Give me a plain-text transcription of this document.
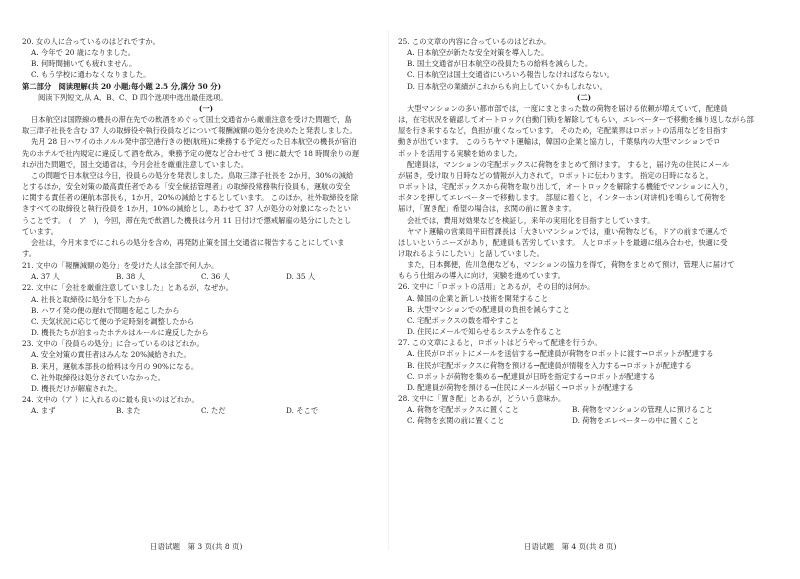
20. 女の人に合っているのはどれですか。
A. 今年で 20 歳になりました。
B. 何時間捕いても疲れません。
C. もう学校に通わなくなりました。
第二部分　阅读理解(共 20 小题;每小题 2.5 分,满分 50 分)
阅读下列短文,从 A、B、C、D 四个选项中选出最佳选项。
(一)
日本航空は国際線の機長の滞在先での飲酒をめぐって国土交通省から厳重注意を受けた問題で，島
取三津子社長を含む 37 人の取締役や執行役員などについて報酬減額の処分を決めたと発表しました。
先月 28 日ハワイのホノルル発中部空港行きの便(航班)に乗務する予定だった日本航空の機長が宿泊
先のホテルで社内規定に違反して酒を飲み，乗務予定の便など合わせて 3 便に最大で 18 時間余りの遅
れが出た問題で，国土交通省は，今月会社を厳重注意していました。
この問題で日本航空は今日，役員らの処分を発表しました。鳥取三津子社長を 2か月，30%の減給
とするほか，安全対策の最高責任者である「安全統括管理者」の取締役常務執行役員も，運航の安全
に関する責任者の運航本部長も，1か月，20%の減給とするとしています。 このほか，社外取締役を除
きすべての取締役と執行役員を 1か月，10%の減給とし，あわせて 37 人が処分の対象になったとい
うことです。　(　ア　)，今回，滞在先で飲酒した機長は今月 11 日付けで懲戒解雇の処分にしたとし
ています。
会社は，今月末までにこれらの処分を含め，再発防止策を国土交通省に報告することにしていま
す。
21. 文中の「報酬減額の処分」を受けた人は全部で何人か。
A. 37 人	B. 38 人	C. 36 人	D. 35 人
22. 文中に「会社を厳重注意していました」とあるが，なぜか。
A. 社長と取締役に処分を下したから
B. ハワイ発の便の遅れで問題を起こしたから
C. 天気状況に応じて便の予定時刻を調整したから
D. 機長たちが泊まったホテルはルールに違反したから
23. 文中の「役員らの処分」に合っているのはどれか。
A. 安全対策の責任者はみんな 20%減給された。
B. 来月，運航本部長の給料は今月の 90%になる。
C. 社外取締役は処分されていなかった。
D. 機長だけが解雇された。
24. 文中の（ア ）に入れるのに最も良いのはどれか。
A. まず	B. また	C. ただ	D. そこで
25. この文章の内容に合っているのはどれか。
A. 日本航空が新たな安全対策を導入した。
B. 国土交通省が日本航空の役員たちの給料を減らした。
C. 日本航空は国土交通省にいろいろ報告しなければならない。
D. 日本航空の業績がこれからも向上していくかもしれない。
(二)
大型マンションの多い都市部では，一度にまとまった数の荷物を届ける依頼が増えていて，配達員
は，在宅状況を確認してオートロック(自動门锁)を解除してもらい，エレベーターで移動を繰り返しながら部
屋を行き来するなど，負担が重くなっています。 そのため，宅配業界はロボットの活用などを目指す
動きが出ています。 このうちヤマト運輸は，韓国の企業と協力し，千葉県内の大型マンションでロ
ボットを活用する実験を始めました。
配達員は，マンションの宅配ボックスに荷物をまとめて預けます。 すると，届け先の住民にメール
が届き，受け取り日時などの情報が入力されて，ロボットに伝わります。 指定の日時になると，
ロボットは，宅配ボックスから荷物を取り出して，オートロックを解除する機能でマンションに入り，
ボタンを押してエレベーターで移動します。 部屋に着くと，インターホン(对讲机)を鳴らして荷物を
届け，「置き配」希望の場合は，玄関の前に置きます。
会社では，費用対効果などを検証し，来年の実用化を目指すとしています。
ヤマト運輸の営業局平田哲課長は「大きいマンションでは，重い荷物なども，ドアの前まで運んで
ほしいというニーズがあり，配達員も苦労しています。 人とロボットを最適に組み合わせ，快適に受
け取れるようにしたい」と話していました。
また，日本郵便，佐川急便なども，マンションの協力を得て，荷物をまとめて預け，管理人に届けて
もらう仕組みの導入に向け，実験を進めています。
26. 文中に「ロボットの活用」とあるが，その目的は何か。
A. 韓国の企業と新しい技術を開発すること
B. 大型マンションでの配達員の負担を減らすこと
C. 宅配ボックスの数を増やすこと
D. 住民にメールで知らせるシステムを作ること
27. この文章によると，ロボットはどうやって配達を行うか。
A. 住民がロボットにメールを送信する→配達員が荷物をロボットに渡す→ロボットが配達する
B. 住民が宅配ボックスに荷物を預ける→配達員が情報を入力する→ロボットが配達する
C. ロボットが荷物を集める→配達員が日時を指定する→ロボットが配達する
D. 配達員が荷物を預ける→住民にメールが届く→ロボットが配達する
28. 文中に「置き配」とあるが，どういう意味か。
A. 荷物を宅配ボックスに置くこと	B. 荷物をマンションの管理人に預けること
C. 荷物を玄関の前に置くこと	D. 荷物をエレベーターの中に置くこと
日语试题　第 3 页(共 8 页)	日语试题　第 4 页(共 8 页)
